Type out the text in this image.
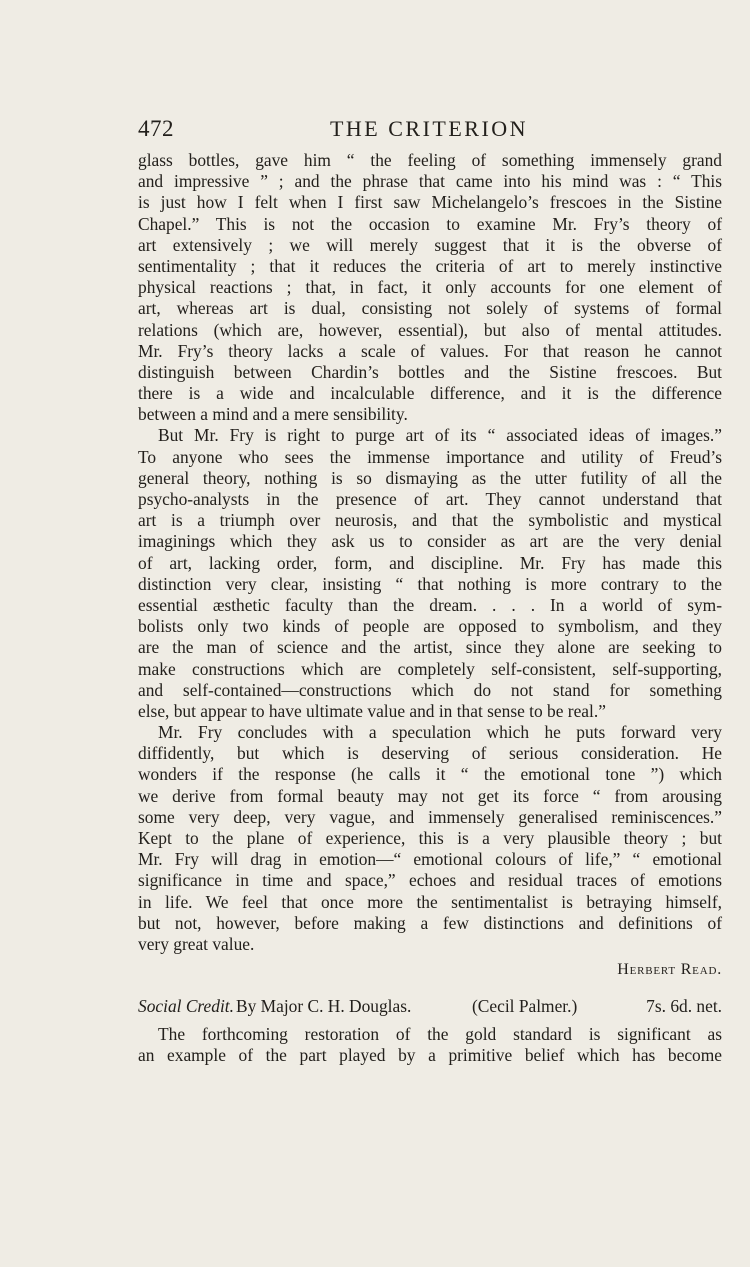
472	THE CRITERION
glass bottles, gave him “ the feeling of something immensely grand
and impressive ” ; and the phrase that came into his mind was : “ This
is just how I felt when I first saw Michelangelo’s frescoes in the Sistine
Chapel.” This is not the occasion to examine Mr. Fry’s theory of
art extensively ; we will merely suggest that it is the obverse of
sentimentality ; that it reduces the criteria of art to merely instinctive
physical reactions ; that, in fact, it only accounts for one element of
art, whereas art is dual, consisting not solely of systems of formal
relations (which are, however, essential), but also of mental attitudes.
Mr. Fry’s theory lacks a scale of values. For that reason he cannot
distinguish between Chardin’s bottles and the Sistine frescoes. But
there is a wide and incalculable difference, and it is the difference
between a mind and a mere sensibility.
But Mr. Fry is right to purge art of its “ associated ideas of images.”
To anyone who sees the immense importance and utility of Freud’s
general theory, nothing is so dismaying as the utter futility of all the
psycho-analysts in the presence of art. They cannot understand that
art is a triumph over neurosis, and that the symbolistic and mystical
imaginings which they ask us to consider as art are the very denial
of art, lacking order, form, and discipline. Mr. Fry has made this
distinction very clear, insisting “ that nothing is more contrary to the
essential æsthetic faculty than the dream. . . . In a world of sym-
bolists only two kinds of people are opposed to symbolism, and they
are the man of science and the artist, since they alone are seeking to
make constructions which are completely self-consistent, self-supporting,
and self-contained—constructions which do not stand for something
else, but appear to have ultimate value and in that sense to be real.”
Mr. Fry concludes with a speculation which he puts forward very
diffidently, but which is deserving of serious consideration. He
wonders if the response (he calls it “ the emotional tone ”) which
we derive from formal beauty may not get its force “ from arousing
some very deep, very vague, and immensely generalised reminiscences.”
Kept to the plane of experience, this is a very plausible theory ; but
Mr. Fry will drag in emotion—“ emotional colours of life,” “ emotional
significance in time and space,” echoes and residual traces of emotions
in life. We feel that once more the sentimentalist is betraying himself,
but not, however, before making a few distinctions and definitions of
very great value.
Herbert Read.
Social Credit. By Major C. H. Douglas.	(Cecil Palmer.)	7s. 6d. net.
The forthcoming restoration of the gold standard is significant as
an example of the part played by a primitive belief which has become
